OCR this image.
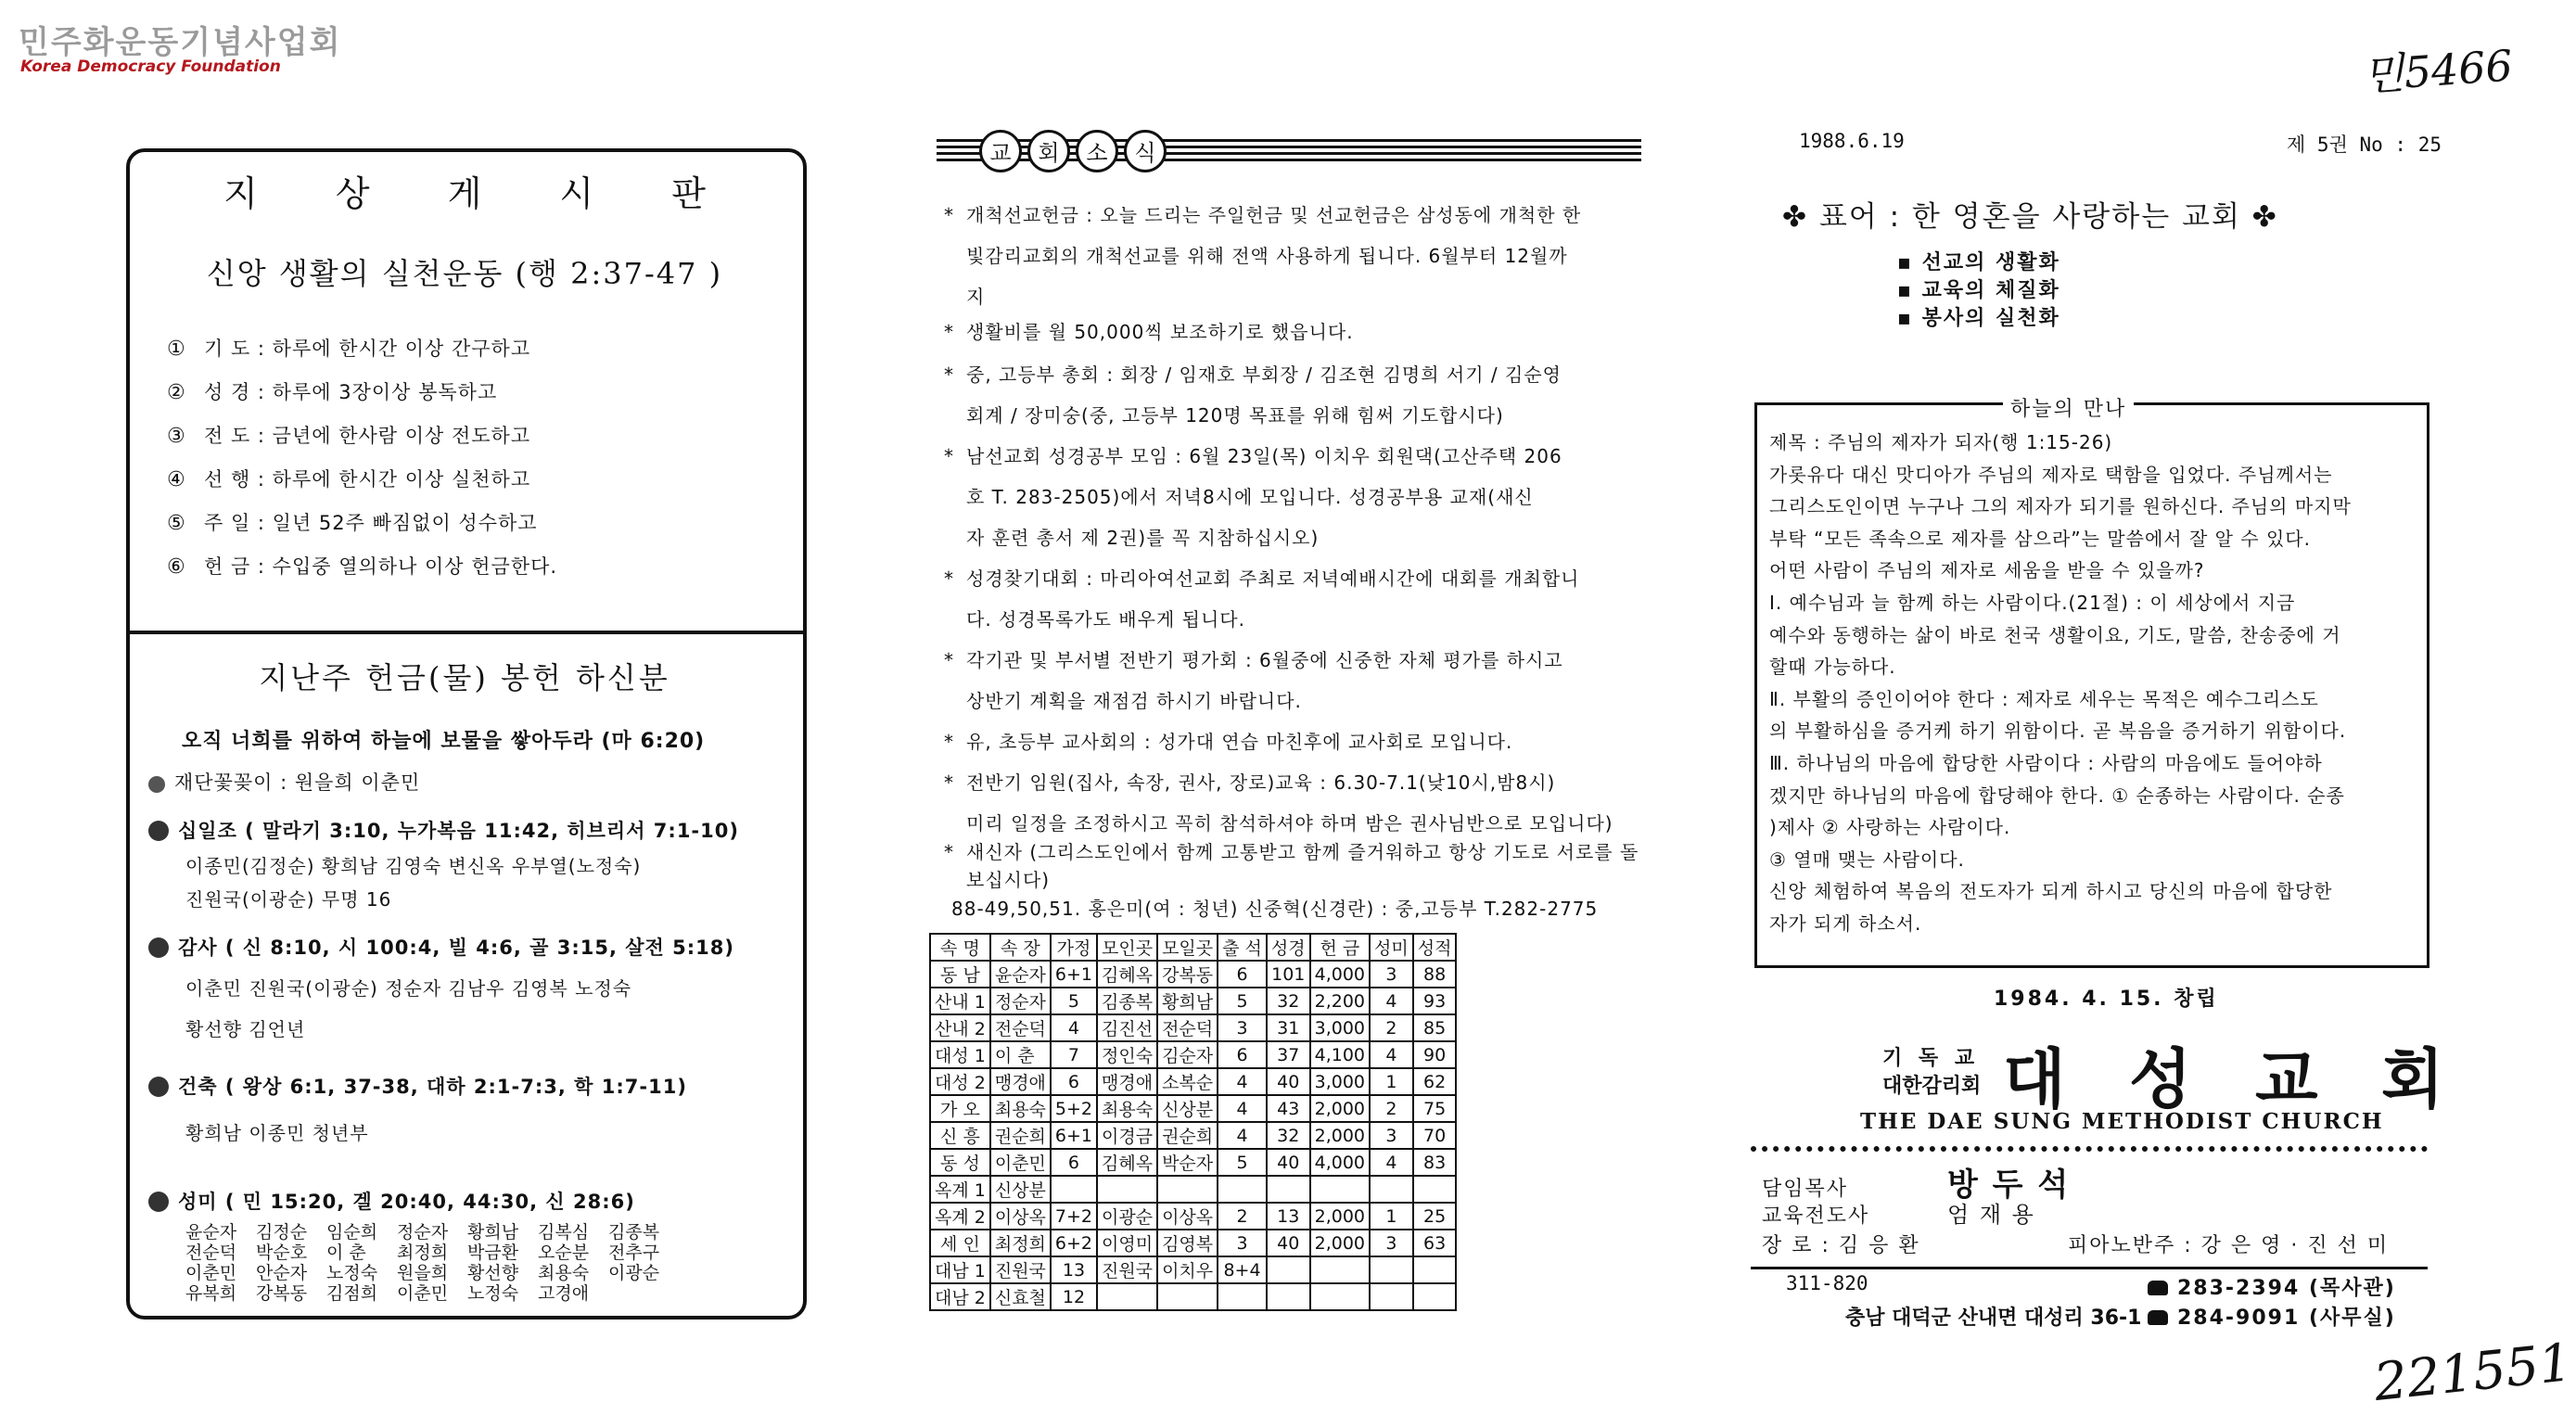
민주화운동기념사업회
Korea Democracy Foundation	민5466
221551
지 상 게 시 판
신앙 생활의 실천운동 (행 2:37-47 )
① 기 도 : 하루에 한시간 이상 간구하고
② 성 경 : 하루에 3장이상 봉독하고
③ 전 도 : 금년에 한사람 이상 전도하고
④ 선 행 : 하루에 한시간 이상 실천하고
⑤ 주 일 : 일년 52주 빠짐없이 성수하고
⑥ 헌 금 : 수입중 열의하나 이상 헌금한다.
지난주 헌금(물) 봉헌 하신분
오직 너희를 위하여 하늘에 보물을 쌓아두라 (마 6:20)
재단꽃꽂이 : 원을희 이춘민
십일조 ( 말라기 3:10, 누가복음 11:42, 히브리서 7:1-10)
이종민(김정순) 황희남 김영숙 변신옥 우부열(노정숙)
진원국(이광순) 무명 16
감사 ( 신 8:10, 시 100:4, 빌 4:6, 골 3:15, 살전 5:18)
이춘민 진원국(이광순) 정순자 김남우 김영복 노정숙
황선향 김언년
건축 ( 왕상 6:1, 37-38, 대하 2:1-7:3, 학 1:7-11)
황희남 이종민 청년부
성미 ( 민 15:20, 겔 20:40, 44:30, 신 28:6)
윤순자	김정순	임순희	정순자	황희남	김복심	김종복
전순덕	박순호	이 춘	최정희	박금환	오순분	전추구
이춘민	안순자	노정숙	원을희	황선향	최용숙	이광순
유복희	강복동	김점희	이춘민	노정숙	고경애
교	회	소	식
* 개척선교헌금 : 오늘 드리는 주일헌금 및 선교헌금은 삼성동에 개척한 한
빛감리교회의 개척선교를 위해 전액 사용하게 됩니다. 6월부터 12월까
지
* 생활비를 월 50,000씩 보조하기로 했읍니다.
* 중, 고등부 총회 : 회장 / 임재호 부회장 / 김조현 김명희 서기 / 김순영
회계 / 장미숭(중, 고등부 120명 목표를 위해 힘써 기도합시다)
* 남선교회 성경공부 모임 : 6월 23일(목) 이치우 회원댁(고산주택 206
호 T. 283-2505)에서 저녁8시에 모입니다. 성경공부용 교재(새신
자 훈련 총서 제 2권)를 꼭 지참하십시오)
* 성경찾기대회 : 마리아여선교회 주최로 저녁예배시간에 대회를 개최합니
다. 성경목록가도 배우게 됩니다.
* 각기관 및 부서별 전반기 평가회 : 6월중에 신중한 자체 평가를 하시고
상반기 계획을 재점검 하시기 바랍니다.
* 유, 초등부 교사회의 : 성가대 연습 마친후에 교사회로 모입니다.
* 전반기 임원(집사, 속장, 권사, 장로)교육 : 6.30-7.1(낮10시,밤8시)
미리 일정을 조정하시고 꼭히 참석하셔야 하며 밤은 권사님반으로 모입니다)
* 새신자 (그리스도인에서 함께 고통받고 함께 즐거워하고 항상 기도로 서로를 돌
보십시다)
88-49,50,51. 홍은미(여 : 청년) 신중혁(신경란) : 중,고등부 T.282-2775
속 명	속 장	가정	모인곳	모일곳	출 석	성경	헌 금	성미	성적
동 남	윤순자	6+1	김혜옥	강복동	6	101	4,000	3	88
산내 1	정순자	5	김종복	황희남	5	32	2,200	4	93
산내 2	전순덕	4	김진선	전순덕	3	31	3,000	2	85
대성 1	이 춘	7	정인숙	김순자	6	37	4,100	4	90
대성 2	맹경애	6	맹경애	소복순	4	40	3,000	1	62
가 오	최용숙	5+2	최용숙	신상분	4	43	2,000	2	75
신 흥	권순희	6+1	이경금	권순희	4	32	2,000	3	70
동 성	이춘민	6	김혜옥	박순자	5	40	4,000	4	83
옥계 1	신상분								
옥계 2	이상옥	7+2	이광순	이상옥	2	13	2,000	1	25
세 인	최정희	6+2	이영미	김영복	3	40	2,000	3	63
대남 1	진원국	13	진원국	이치우	8+4				
대남 2	신효철	12							
1988.6.19	제 5권 No : 25
✤ 표어 : 한 영혼을 사랑하는 교회 ✤
▪ 선교의 생활화
▪ 교육의 체질화
▪ 봉사의 실천화
하늘의 만나
제목 : 주님의 제자가 되자(행 1:15-26)
가롯유다 대신 맛디아가 주님의 제자로 택함을 입었다. 주님께서는
그리스도인이면 누구나 그의 제자가 되기를 원하신다. 주님의 마지막
부탁 “모든 족속으로 제자를 삼으라”는 말씀에서 잘 알 수 있다.
어떤 사람이 주님의 제자로 세움을 받을 수 있을까?
Ⅰ. 예수님과 늘 함께 하는 사람이다.(21절) : 이 세상에서 지금
예수와 동행하는 삶이 바로 천국 생활이요, 기도, 말씀, 찬송중에 거
할때 가능하다.
Ⅱ. 부활의 증인이어야 한다 : 제자로 세우는 목적은 예수그리스도
의 부활하심을 증거케 하기 위함이다. 곧 복음을 증거하기 위함이다.
Ⅲ. 하나님의 마음에 합당한 사람이다 : 사람의 마음에도 들어야하
겠지만 하나님의 마음에 합당해야 한다. ① 순종하는 사람이다. 순종
)제사 ② 사랑하는 사람이다.
③ 열매 맺는 사람이다.
신앙 체험하여 복음의 전도자가 되게 하시고 당신의 마음에 합당한
자가 되게 하소서.
1984. 4. 15. 창립
기 독 교
대한감리회 대 성 교 회
THE DAE SUNG METHODIST CHURCH
담임목사	방 두 석
교육전도사	엄 재 용
장 로 : 김 응 환	피아노반주 : 강 은 영 · 진 선 미
311-820
충남 대덕군 산내면 대성리 36-1
283-2394 (목사관)
284-9091 (사무실)
